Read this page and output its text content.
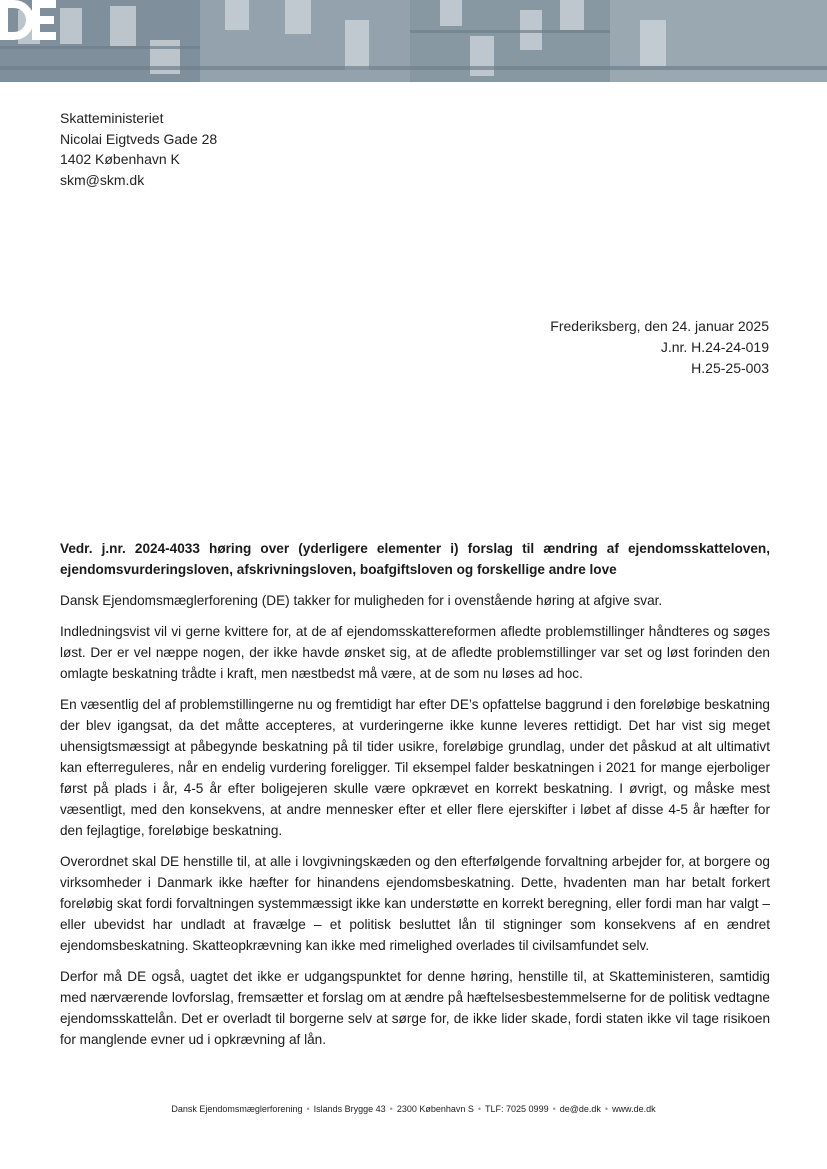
Skatteministeriet
Nicolai Eigtveds Gade 28
1402 København K
skm@skm.dk
Frederiksberg, den 24. januar 2025
J.nr. H.24-24-019
H.25-25-003

Vedr. j.nr. 2024-4033 høring over (yderligere elementer i) forslag til ændring af ejendomsskatteloven, ejendomsvurderingsloven, afskrivningsloven, boafgiftsloven og forskellige andre love

Dansk Ejendomsmæglerforening (DE) takker for muligheden for i ovenstående høring at afgive svar.

Indledningsvist vil vi gerne kvittere for, at de af ejendomsskattereformen afledte problemstillinger håndteres og søges løst. Der er vel næppe nogen, der ikke havde ønsket sig, at de afledte problemstillinger var set og løst forinden den omlagte beskatning trådte i kraft, men næstbedst må være, at de som nu løses ad hoc.

En væsentlig del af problemstillingerne nu og fremtidigt har efter DE’s opfattelse baggrund i den foreløbige beskatning der blev igangsat, da det måtte accepteres, at vurderingerne ikke kunne leveres rettidigt. Det har vist sig meget uhensigtsmæssigt at påbegynde beskatning på til tider usikre, foreløbige grundlag, under det påskud at alt ultimativt kan efterreguleres, når en endelig vurdering foreligger. Til eksempel falder beskatningen i 2021 for mange ejerboliger først på plads i år, 4-5 år efter boligejeren skulle være opkrævet en korrekt beskatning. I øvrigt, og måske mest væsentligt, med den konsekvens, at andre mennesker efter et eller flere ejerskifter i løbet af disse 4-5 år hæfter for den fejlagtige, foreløbige beskatning.

Overordnet skal DE henstille til, at alle i lovgivningskæden og den efterfølgende forvaltning arbejder for, at borgere og virksomheder i Danmark ikke hæfter for hinandens ejendomsbeskatning. Dette, hvadenten man har betalt forkert foreløbig skat fordi forvaltningen systemmæssigt ikke kan understøtte en korrekt beregning, eller fordi man har valgt – eller ubevidst har undladt at fravælge – et politisk besluttet lån til stigninger som konsekvens af en ændret ejendomsbeskatning. Skatteopkrævning kan ikke med rimelighed overlades til civilsamfundet selv.

Derfor må DE også, uagtet det ikke er udgangspunktet for denne høring, henstille til, at Skatteministeren, samtidig med nærværende lovforslag, fremsætter et forslag om at ændre på hæftelsesbestemmelserne for de politisk vedtagne ejendomsskattelån. Det er overladt til borgerne selv at sørge for, de ikke lider skade, fordi staten ikke vil tage risikoen for manglende evner ud i opkrævning af lån.

Dansk Ejendomsmæglerforening • Islands Brygge 43 • 2300 København S • TLF: 7025 0999 • de@de.dk • www.de.dk
